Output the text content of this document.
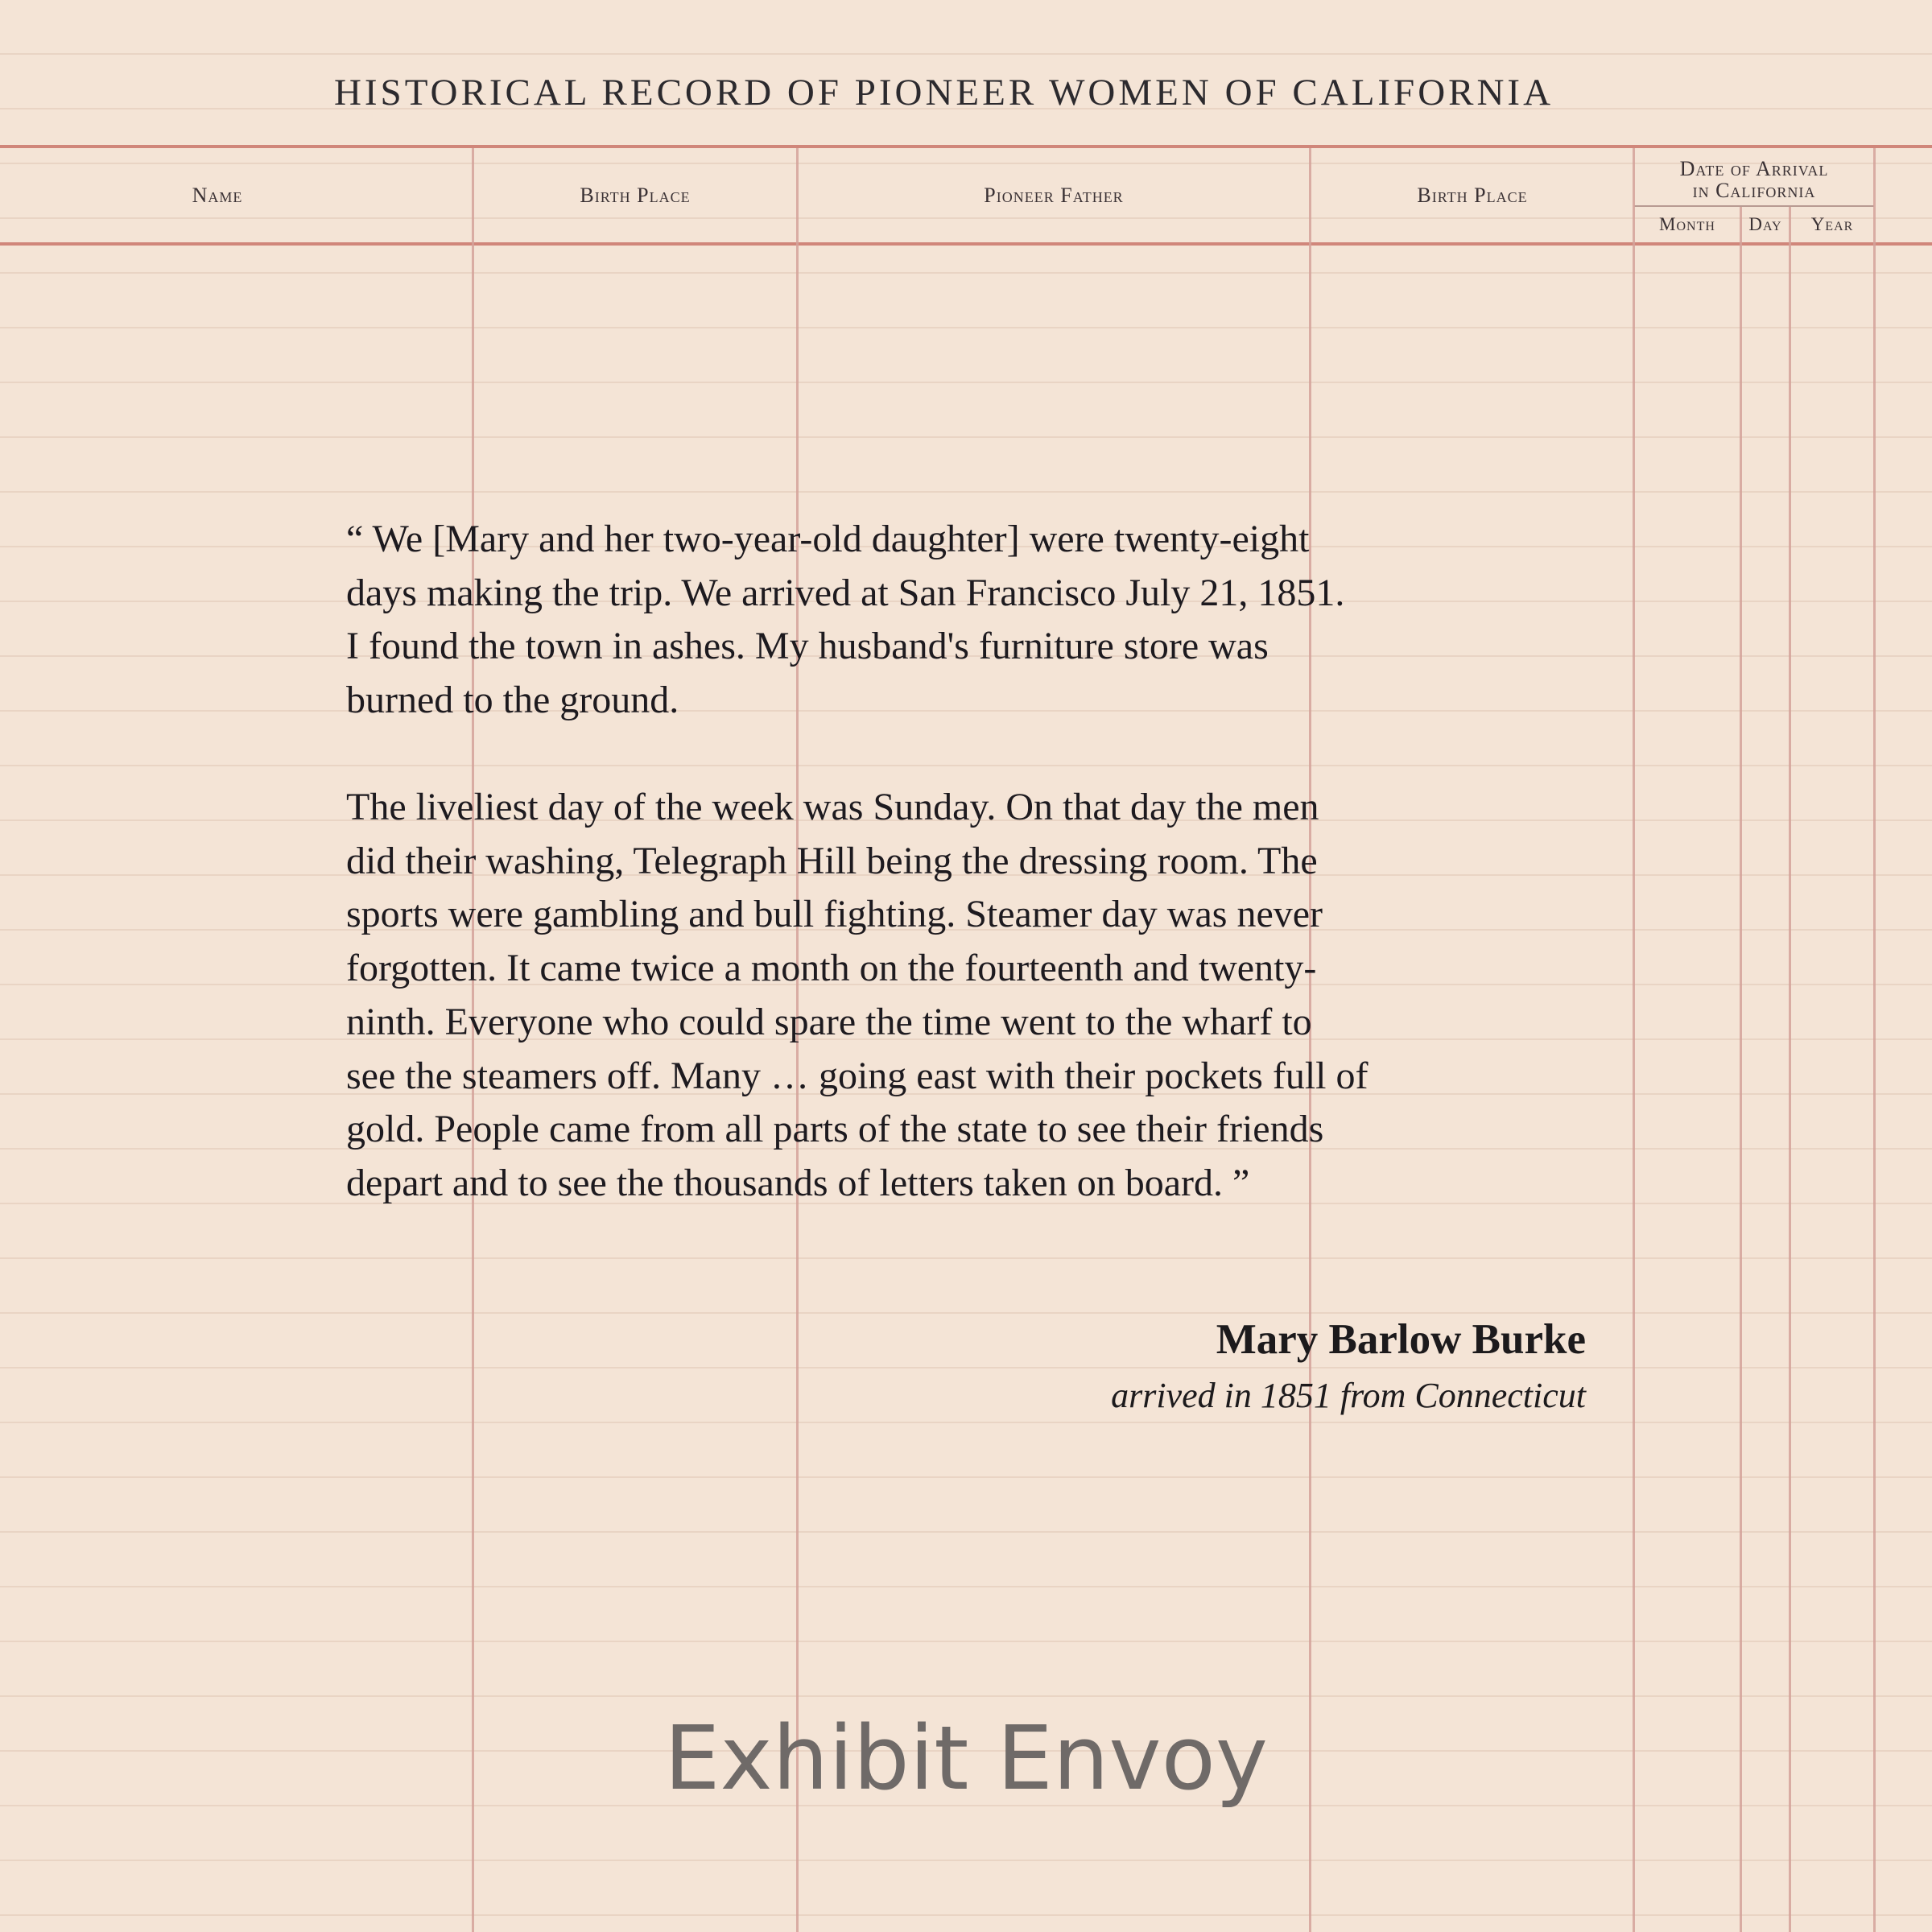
HISTORICAL RECORD OF PIONEER WOMEN OF CALIFORNIA
Name	Birth Place	Pioneer Father	Birth Place
Date of Arrival
in California
Month	Day	Year

“ We [Mary and her two-year-old daughter] were twenty-eight
days making the trip. We arrived at San Francisco July 21, 1851.
I found the town in ashes. My husband's furniture store was
burned to the ground.

The liveliest day of the week was Sunday. On that day the men
did their washing, Telegraph Hill being the dressing room. The
sports were gambling and bull fighting. Steamer day was never
forgotten. It came twice a month on the fourteenth and twenty-
ninth. Everyone who could spare the time went to the wharf to
see the steamers off. Many … going east with their pockets full of
gold. People came from all parts of the state to see their friends
depart and to see the thousands of letters taken on board. ”

Mary Barlow Burke
arrived in 1851 from Connecticut
Exhibit Envoy
